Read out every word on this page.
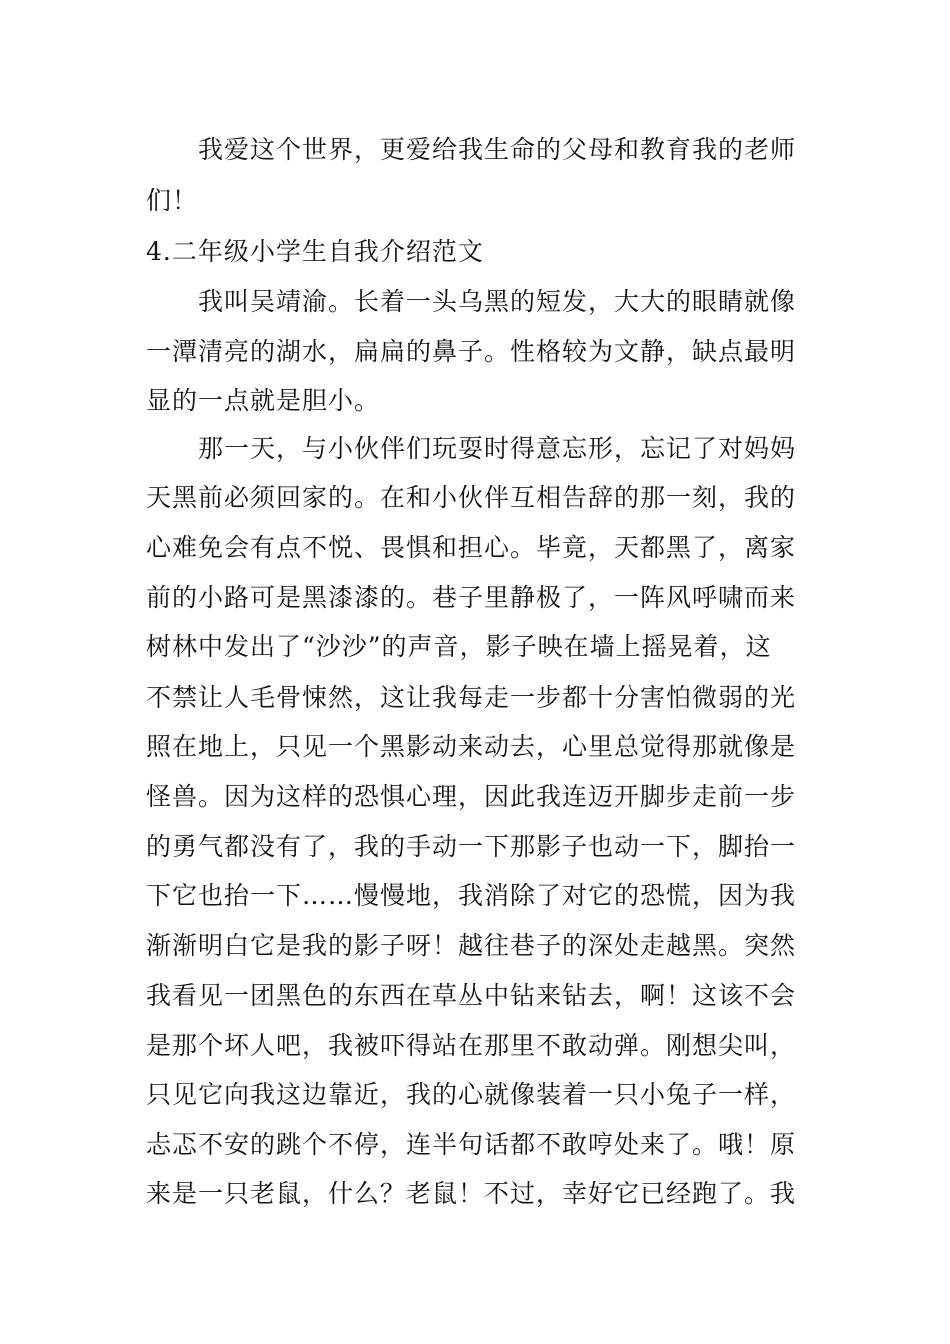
　　我爱这个世界，更爱给我生命的父母和教育我的老师
们！
4.二年级小学生自我介绍范文
　　我叫吴靖渝。长着一头乌黑的短发，大大的眼睛就像
一潭清亮的湖水，扁扁的鼻子。性格较为文静，缺点最明
显的一点就是胆小。
　　那一天，与小伙伴们玩耍时得意忘形，忘记了对妈妈
天黑前必须回家的。在和小伙伴互相告辞的那一刻，我的
心难免会有点不悦、畏惧和担心。毕竟，天都黑了，离家
前的小路可是黑漆漆的。巷子里静极了，一阵风呼啸而来
树林中发出了“沙沙”的声音，影子映在墙上摇晃着，这
不禁让人毛骨悚然，这让我每走一步都十分害怕微弱的光
照在地上，只见一个黑影动来动去，心里总觉得那就像是
怪兽。因为这样的恐惧心理，因此我连迈开脚步走前一步
的勇气都没有了，我的手动一下那影子也动一下，脚抬一
下它也抬一下……慢慢地，我消除了对它的恐慌，因为我
渐渐明白它是我的影子呀！越往巷子的深处走越黑。突然
我看见一团黑色的东西在草丛中钻来钻去，啊！这该不会
是那个坏人吧，我被吓得站在那里不敢动弹。刚想尖叫，
只见它向我这边靠近，我的心就像装着一只小兔子一样，
忐忑不安的跳个不停，连半句话都不敢哼处来了。哦！原
来是一只老鼠，什么？老鼠！不过，幸好它已经跑了。我
